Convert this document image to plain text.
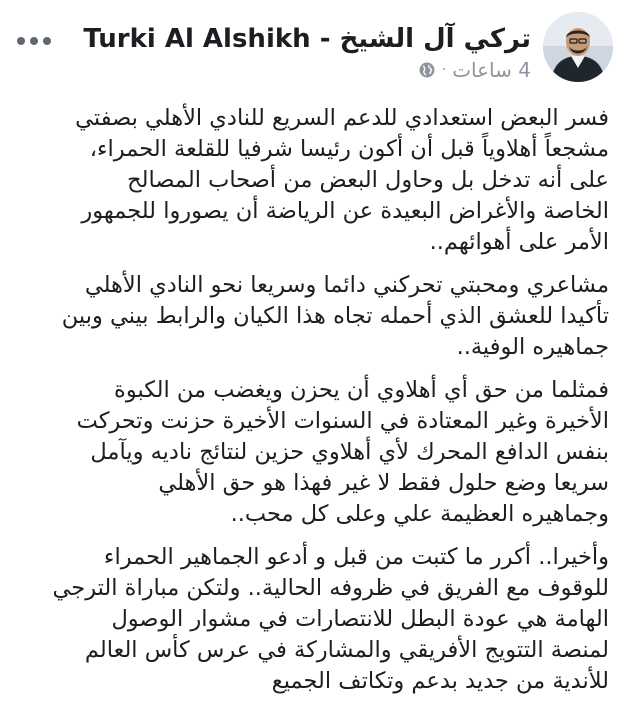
تركي آل الشيخ - Turki Al Alshikh
4 ساعات
·

فسر البعض استعدادي للدعم السريع للنادي الأهلي بصفتي
مشجعاً أهلاوياً قبل أن أكون رئيسا شرفيا للقلعة الحمراء،
على أنه تدخل بل وحاول البعض من أصحاب المصالح
الخاصة والأغراض البعيدة عن الرياضة أن يصوروا للجمهور
الأمر على أهوائهم..

مشاعري ومحبتي تحركني دائما وسريعا نحو النادي الأهلي
تأكيدا للعشق الذي أحمله تجاه هذا الكيان والرابط بيني وبين
جماهيره الوفية..

فمثلما من حق أي أهلاوي أن يحزن ويغضب من الكبوة
الأخيرة وغير المعتادة في السنوات الأخيرة حزنت وتحركت
بنفس الدافع المحرك لأي أهلاوي حزين لنتائج ناديه ويآمل
سريعا وضع حلول فقط لا غير فهذا هو حق الأهلي
وجماهيره العظيمة علي وعلى كل محب..

وأخيرا.. أكرر ما كتبت من قبل و أدعو الجماهير الحمراء
للوقوف مع الفريق في ظروفه الحالية.. ولتكن مباراة الترجي
الهامة هي عودة البطل للانتصارات في مشوار الوصول
لمنصة التتويج الأفريقي والمشاركة في عرس كأس العالم
للأندية من جديد بدعم وتكاتف الجميع
